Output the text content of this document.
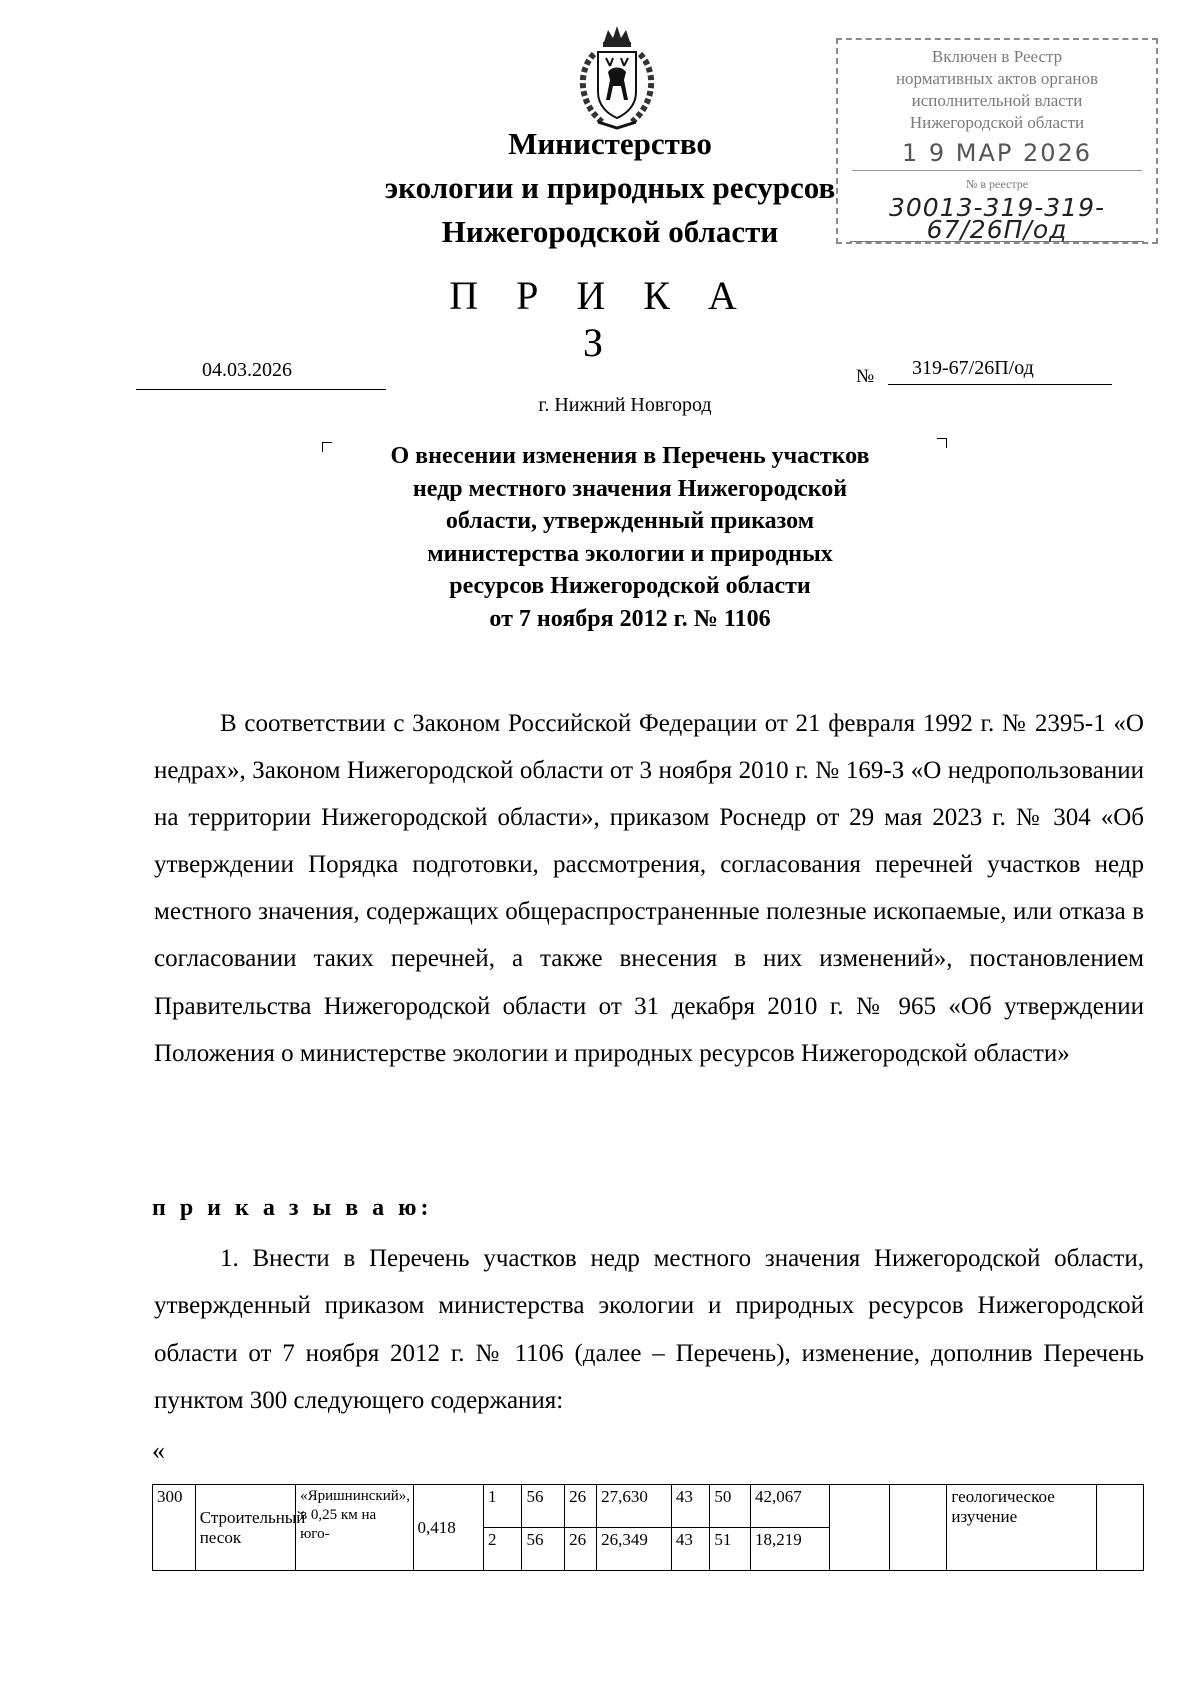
Министерство
экологии и природных ресурсов
Нижегородской области
Включен в Реестр
нормативных актов органов
исполнительной власти
Нижегородской области
1 9 МАР 2026
№ в реестре
30013-319-319-67/26П/од
П Р И К А З
04.03.2026	№ 319-67/26П/од
г. Нижний Новгород
О внесении изменения в Перечень участков
недр местного значения Нижегородской
области, утвержденный приказом
министерства экологии и природных
ресурсов Нижегородской области
от 7 ноября 2012 г. № 1106
В соответствии с Законом Российской Федерации от 21 февраля 1992 г. № 2395-1 «О недрах», Законом Нижегородской области от 3 ноября 2010 г. № 169-З «О недропользовании на территории Нижегородской области», приказом Роснедр от 29 мая 2023 г. № 304 «Об утверждении Порядка подготовки, рассмотрения, согласования перечней участков недр местного значения, содержащих общераспространенные полезные ископаемые, или отказа в согласовании таких перечней, а также внесения в них изменений», постановлением Правительства Нижегородской области от 31 декабря 2010 г. № 965 «Об утверждении Положения о министерстве экологии и природных ресурсов Нижегородской области»
п р и к а з ы в а ю:
1. Внести в Перечень участков недр местного значения Нижегородской области, утвержденный приказом министерства экологии и природных ресурсов Нижегородской области от 7 ноября 2012 г. № 1106 (далее – Перечень), изменение, дополнив Перечень пунктом 300 следующего содержания:
«
300	Строительный песок	«Яришнинский», в 0,25 км на юго-	0,418	1	56	26	27,630	43	50	42,067			геологическое изучение	
				2	56	26	26,349	43	51	18,219				
